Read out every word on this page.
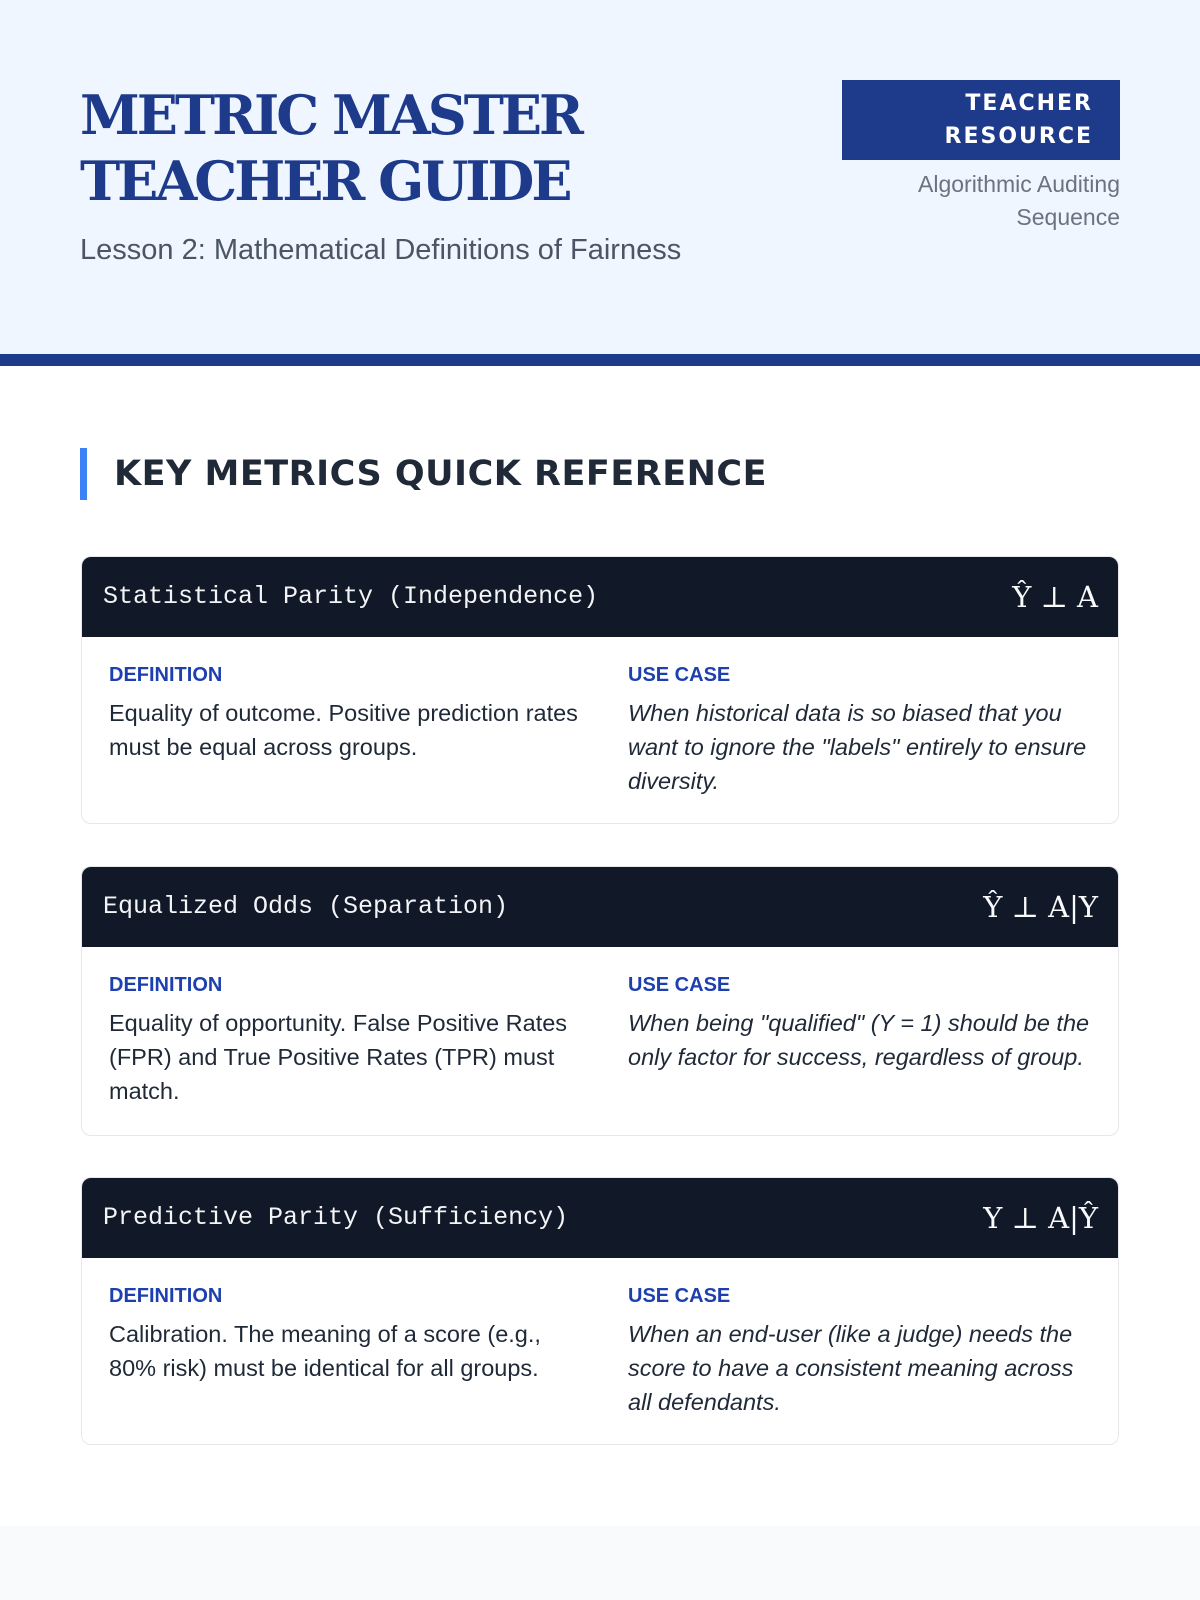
METRIC MASTER TEACHER GUIDE
Lesson 2: Mathematical Definitions of Fairness
TEACHER RESOURCE
Algorithmic Auditing Sequence
KEY METRICS QUICK REFERENCE
Statistical Parity (Independence)	Ŷ ⊥ A
DEFINITION
Equality of outcome. Positive prediction rates must be equal across groups.
USE CASE
When historical data is so biased that you want to ignore the "labels" entirely to ensure diversity.
Equalized Odds (Separation)	Ŷ ⊥ A|Y
DEFINITION
Equality of opportunity. False Positive Rates (FPR) and True Positive Rates (TPR) must match.
USE CASE
When being "qualified" (Y = 1) should be the only factor for success, regardless of group.
Predictive Parity (Sufficiency)	Y ⊥ A|Ŷ
DEFINITION
Calibration. The meaning of a score (e.g., 80% risk) must be identical for all groups.
USE CASE
When an end-user (like a judge) needs the score to have a consistent meaning across all defendants.
